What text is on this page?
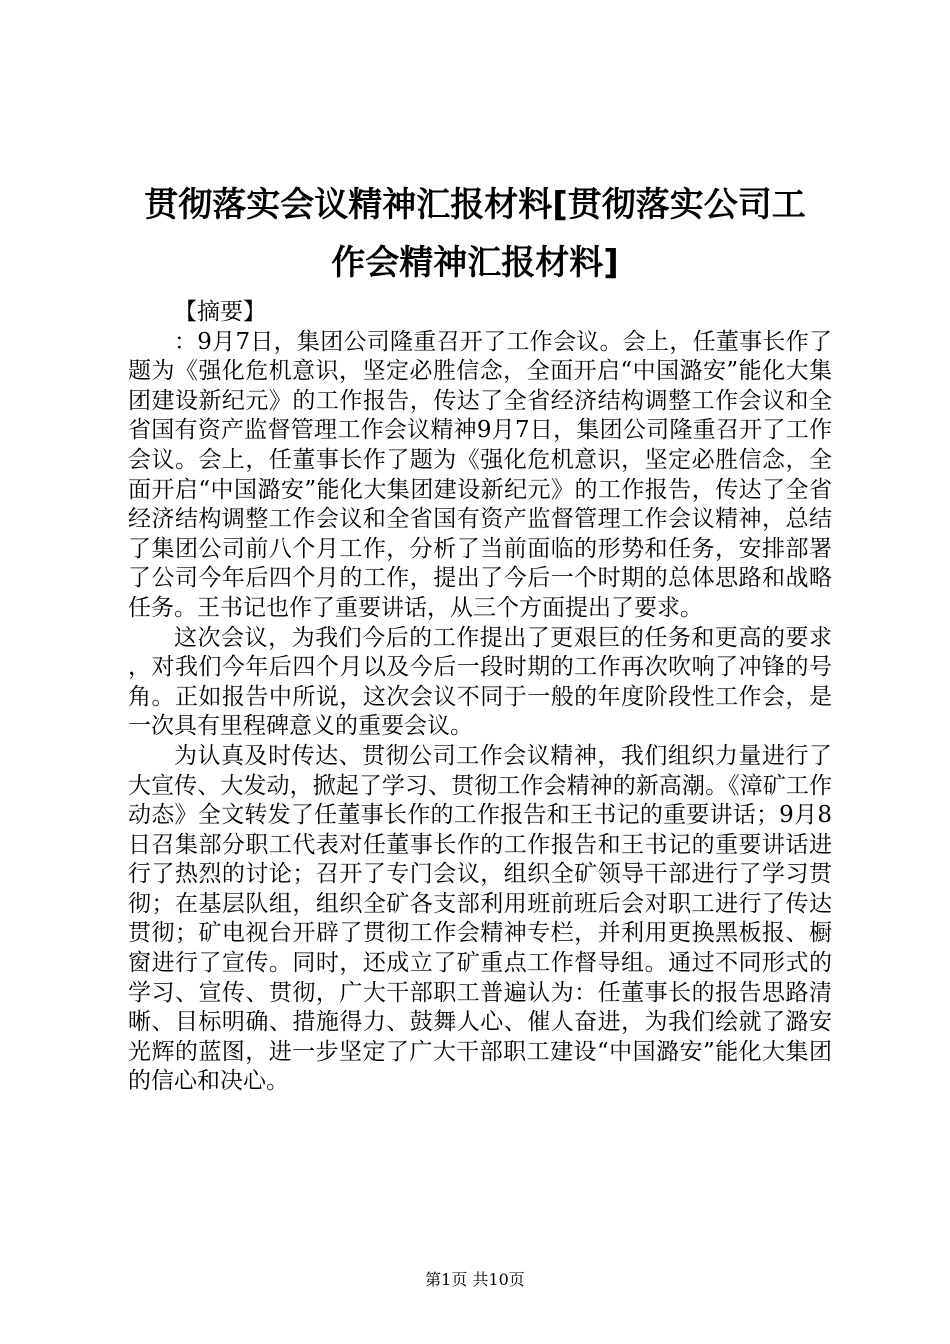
贯彻落实会议精神汇报材料[贯彻落实公司工
作会精神汇报材料]
【摘要】

：9月7日，集团公司隆重召开了工作会议。会上，任董事长作了题为《强化危机意识，坚定必胜信念，全面开启“中国潞安”能化大集团建设新纪元》的工作报告，传达了全省经济结构调整工作会议和全省国有资产监督管理工作会议精神9月7日，集团公司隆重召开了工作会议。会上，任董事长作了题为《强化危机意识，坚定必胜信念，全面开启“中国潞安”能化大集团建设新纪元》的工作报告，传达了全省经济结构调整工作会议和全省国有资产监督管理工作会议精神，总结了集团公司前八个月工作，分析了当前面临的形势和任务，安排部署了公司今年后四个月的工作，提出了今后一个时期的总体思路和战略任务。王书记也作了重要讲话，从三个方面提出了要求。

这次会议，为我们今后的工作提出了更艰巨的任务和更高的要求，对我们今年后四个月以及今后一段时期的工作再次吹响了冲锋的号角。正如报告中所说，这次会议不同于一般的年度阶段性工作会，是一次具有里程碑意义的重要会议。

为认真及时传达、贯彻公司工作会议精神，我们组织力量进行了大宣传、大发动，掀起了学习、贯彻工作会精神的新高潮。《漳矿工作动态》全文转发了任董事长作的工作报告和王书记的重要讲话；9月8日召集部分职工代表对任董事长作的工作报告和王书记的重要讲话进行了热烈的讨论；召开了专门会议，组织全矿领导干部进行了学习贯彻；在基层队组，组织全矿各支部利用班前班后会对职工进行了传达贯彻；矿电视台开辟了贯彻工作会精神专栏，并利用更换黑板报、橱窗进行了宣传。同时，还成立了矿重点工作督导组。通过不同形式的学习、宣传、贯彻，广大干部职工普遍认为：任董事长的报告思路清晰、目标明确、措施得力、鼓舞人心、催人奋进，为我们绘就了潞安光辉的蓝图，进一步坚定了广大干部职工建设“中国潞安”能化大集团的信心和决心。

第1页 共10页
